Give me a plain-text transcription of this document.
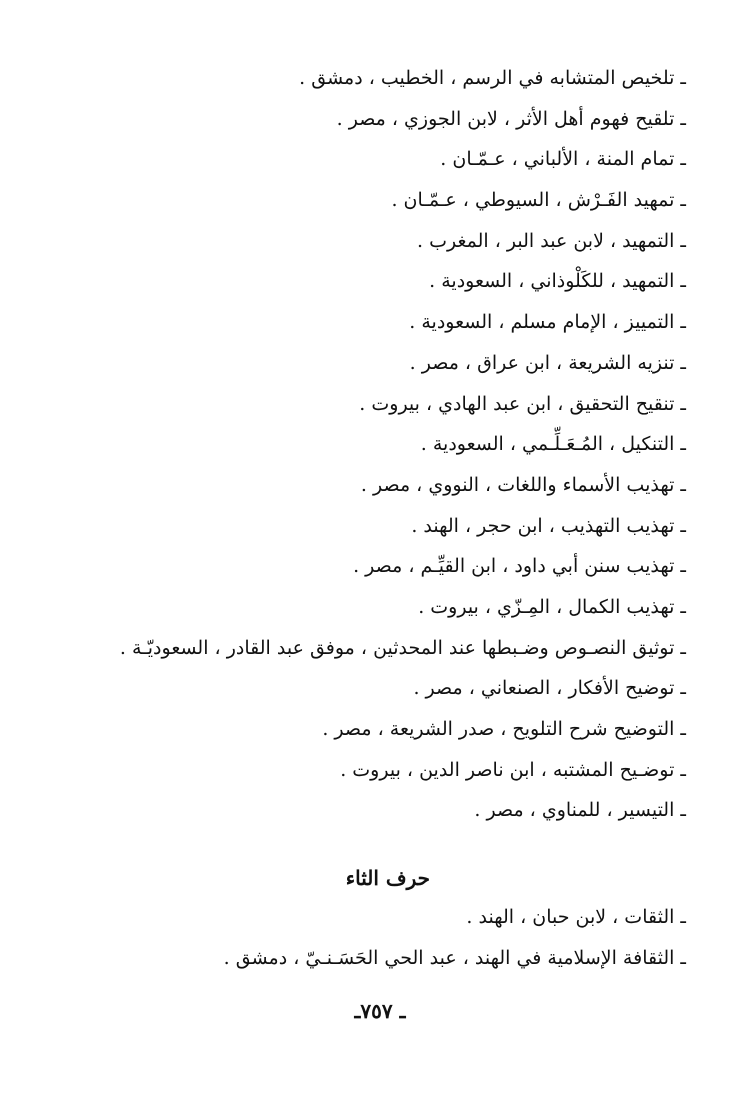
ـ تلخيص المتشابه في الرسم ، الخطيب ، دمشق .
ـ تلقيح فهوم أهل الأثر ، لابن الجوزي ، مصر .
ـ تمام المنة ، الألباني ، عـمّـان .
ـ تمهيد الفَـرْش ، السيوطي ، عـمّـان .
ـ التمهيد ، لابن عبد البر ، المغرب .
ـ التمهيد ، للكَلْوذاني ، السعودية .
ـ التمييز ، الإمام مسلم ، السعودية .
ـ تنزيه الشريعة ، ابن عراق ، مصر .
ـ تنقيح التحقيق ، ابن عبد الهادي ، بيروت .
ـ التنكيل ، المُـعَـلِّـمي ، السعودية .
ـ تهذيب الأسماء واللغات ، النووي ، مصر .
ـ تهذيب التهذيب ، ابن حجر ، الهند .
ـ تهذيب سنن أبي داود ، ابن القيِّـم ، مصر .
ـ تهذيب الكمال ، المِـزّي ، بيروت .
ـ توثيق النصـوص وضـبطها عند المحدثين ، موفق عبد القادر ، السعوديّـة .
ـ توضيح الأفكار ، الصنعاني ، مصر .
ـ التوضيح شرح التلويح ، صدر الشريعة ، مصر .
ـ توضـيح المشتبه ، ابن ناصر الدين ، بيروت .
ـ التيسير ، للمناوي ، مصر .
حرف الثاء
ـ الثقات ، لابن حبان ، الهند .
ـ الثقافة الإسلامية في الهند ، عبد الحي الحَسَـنـيّ ، دمشق .
ـ ٧٥٧ـ
